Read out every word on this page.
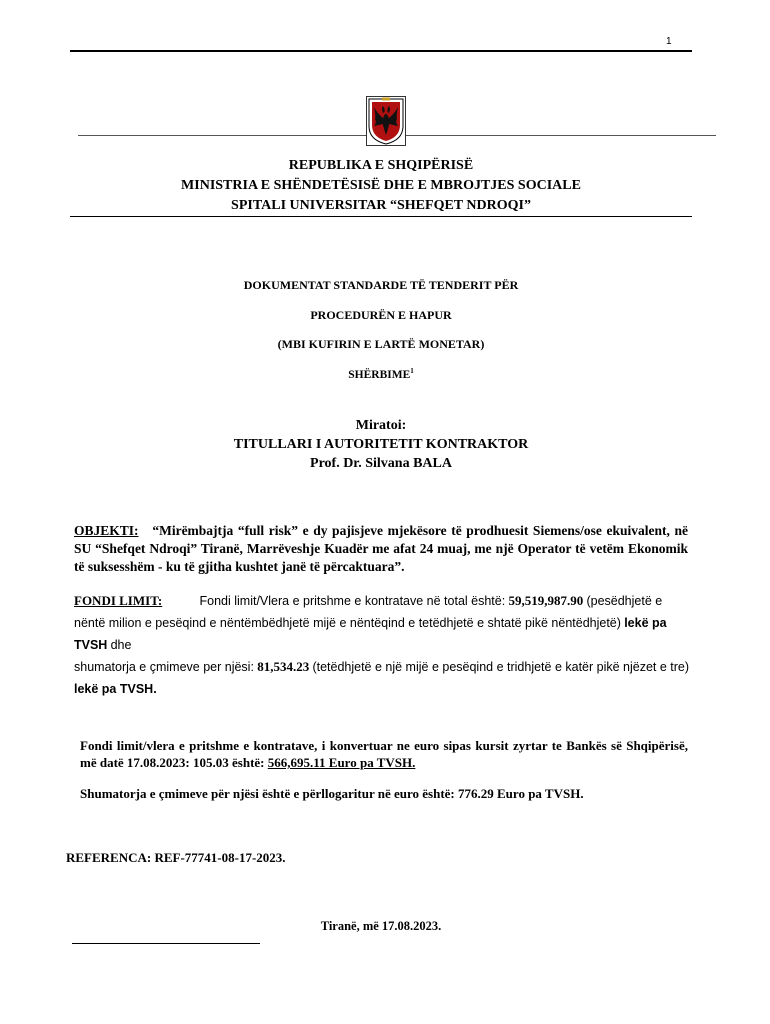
1
REPUBLIKA E SHQIPËRISË
MINISTRIA E SHËNDETËSISË DHE E MBROJTJES SOCIALE
SPITALI UNIVERSITAR “SHEFQET NDROQI”
DOKUMENTAT STANDARDE TË TENDERIT PËR
PROCEDURËN E HAPUR
(MBI KUFIRIN E LARTË MONETAR)
SHËRBIME$^1$
Miratoi:
TITULLARI I AUTORITETIT KONTRAKTOR
Prof. Dr. Silvana BALA
OBJEKTI: “Mirëmbajtja “full risk” e dy pajisjeve mjekësore të prodhuesit Siemens/ose ekuivalent, në SU “Shefqet Ndroqi” Tiranë, Marrëveshje Kuadër me afat 24 muaj, me një Operator të vetëm Ekonomik të suksesshëm - ku të gjitha kushtet janë të përcaktuara”.
FONDI LIMIT:	Fondi limit/Vlera e pritshme e kontratave në total është: 59,519,987.90 (pesëdhjetë e nëntë milion e pesëqind e nëntëmbëdhjetë mijë e nëntëqind e tetëdhjetë e shtatë pikë nëntëdhjetë) lekë pa TVSH dhe
shumatorja e çmimeve per njësi: 81,534.23 (tetëdhjetë e një mijë e pesëqind e tridhjetë e katër pikë njëzet e tre) lekë pa TVSH.
Fondi limit/vlera e pritshme e kontratave, i konvertuar ne euro sipas kursit zyrtar te Bankës së Shqipërisë, më datë 17.08.2023: 105.03 është: 566,695.11 Euro pa TVSH.
Shumatorja e çmimeve për njësi është e përllogaritur në euro është: 776.29 Euro pa TVSH.
REFERENCA: REF-77741-08-17-2023.
Tiranë, më 17.08.2023.
